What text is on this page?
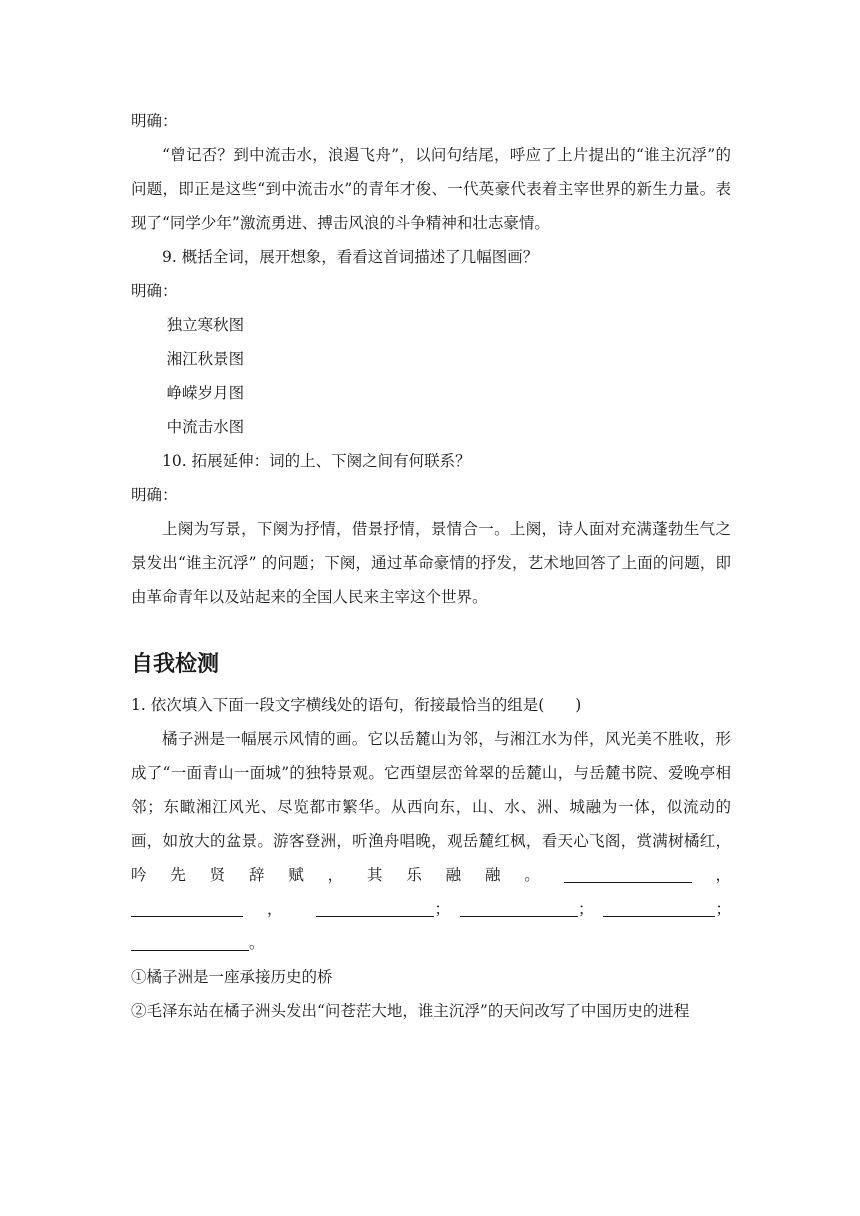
明确：

“曾记否？到中流击水，浪遏飞舟”，以问句结尾，呼应了上片提出的“谁主沉浮”的问题，即正是这些“到中流击水”的青年才俊、一代英豪代表着主宰世界的新生力量。表现了“同学少年”激流勇进、搏击风浪的斗争精神和壮志豪情。

9. 概括全词，展开想象，看看这首词描述了几幅图画？

明确：

独立寒秋图

湘江秋景图

峥嵘岁月图

中流击水图

10. 拓展延伸：词的上、下阕之间有何联系？

明确：

上阕为写景，下阕为抒情，借景抒情，景情合一。上阕，诗人面对充满蓬勃生气之景发出“谁主沉浮” 的问题；下阕，通过革命豪情的抒发，艺术地回答了上面的问题，即由革命青年以及站起来的全国人民来主宰这个世界。

自我检测

1. 依次填入下面一段文字横线处的语句，衔接最恰当的组是(　　)

橘子洲是一幅展示风情的画。它以岳麓山为邻，与湘江水为伴，风光美不胜收，形成了“一面青山一面城”的独特景观。它西望层峦耸翠的岳麓山，与岳麓书院、爱晚亭相邻；东瞰湘江风光、尽览都市繁华。从西向东，山、水、洲、城融为一体，似流动的画，如放大的盆景。游客登洲，听渔舟唱晚，观岳麓红枫，看天心飞阁，赏满树橘红，吟先贤辞赋，其乐融融。	， ，	；	；	； 。

①橘子洲是一座承接历史的桥

②毛泽东站在橘子洲头发出“问苍茫大地，谁主沉浮”的天问改写了中国历史的进程
